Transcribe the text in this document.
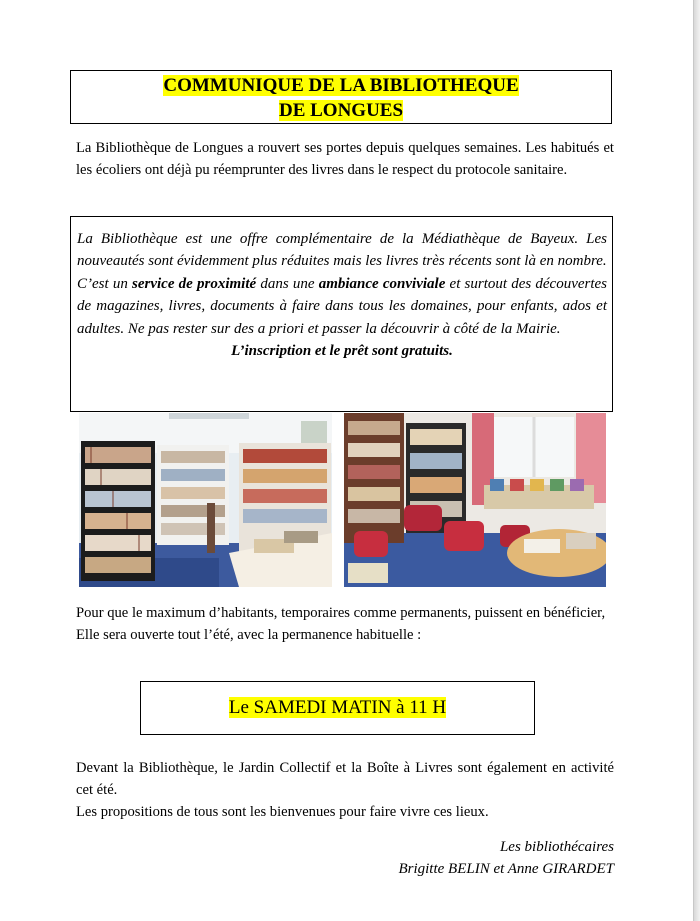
COMMUNIQUE DE LA BIBLIOTHEQUE
DE LONGUES
La Bibliothèque de Longues a rouvert ses portes depuis quelques semaines. Les habitués et les écoliers ont déjà pu réemprunter des livres dans le respect du protocole sanitaire.

La Bibliothèque est une offre complémentaire de la Médiathèque de Bayeux. Les nouveautés sont évidemment plus réduites mais les livres très récents sont là en nombre.

C’est un service de proximité dans une ambiance conviviale et surtout des découvertes de magazines, livres, documents à faire dans tous les domaines, pour enfants, ados et adultes. Ne pas rester sur des a priori et passer la découvrir à côté de la Mairie.

L’inscription et le prêt sont gratuits.

Pour que le maximum d’habitants, temporaires comme permanents, puissent en bénéficier,
Elle sera ouverte tout l’été, avec la permanence habituelle :
Le SAMEDI MATIN à 11 H
Devant la Bibliothèque, le Jardin Collectif et la Boîte à Livres sont également en activité cet été.
Les propositions de tous sont les bienvenues pour faire vivre ces lieux.
Les bibliothécaires
Brigitte BELIN et Anne GIRARDET
